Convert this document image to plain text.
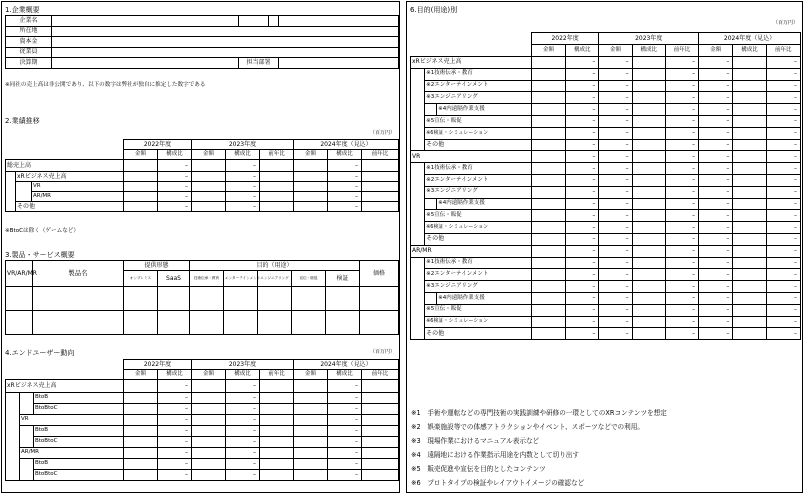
1.企業概要
企業名				
所在地				
資本金				
従業員				
決算期		担当部署		
※同社の売上高は非公開であり、以下の数字は弊社が独自に推定した数字である
2.業績推移
（百万円）
			2022年度		2023年度			2024年度（見込）		
			金額	構成比	金額	構成比	前年比	金額	構成比	前年比
総売上高				–		–			–	
	xRビジネス売上高			–		–			–	
		VR		–		–			–	
		AR/MR		–		–			–	
	その他			–		–			–	
※BtoCは除く（ゲームなど）
3.製品・サービス概要
VR/AR/MR	製品名	提供形態		目的（用途）					価格
		オンプレミス	SaaS	技術伝承・教育	エンターテインメント	エンジニアリング	宣伝・販促	検証	

4.エンドユーザー動向	（百万円）
			2022年度		2023年度			2024年度（見込）		
			金額	構成比	金額	構成比	前年比	金額	構成比	前年比
xRビジネス売上高				–		–			–	
		BtoB		–		–			–	
		BtoBtoC		–		–			–	
	VR			–		–			–	
		BtoB		–		–			–	
		BtoBtoC		–		–			–	
	AR/MR			–		–			–	
		BtoB		–		–			–	
		BtoBtoC		–		–			–	
6.目的(用途)別
（百万円）
				2022年度		2023年度			2024年度（見込）		
				金額	構成比	金額	構成比	前年比	金額	構成比	前年比
xRビジネス売上高					–	–		–	–		–
	※1技術伝承・教育				–	–		–	–		–
	※2エンターテインメント				–	–		–	–		–
	※3エンジニアリング				–	–		–	–		–
		※4内遠隔作業支援			–	–		–	–		–
	※5宣伝・販促				–	–		–	–		–
	※6検証・シミュレーション				–	–		–	–		–
	その他				–	–		–	–		–
VR					–	–		–	–		–
	※1技術伝承・教育				–	–		–	–		–
	※2エンターテインメント				–	–		–	–		–
	※3エンジニアリング				–	–		–	–		–
		※4内遠隔作業支援			–	–		–	–		–
	※5宣伝・販促				–	–		–	–		–
	※6検証・シミュレーション				–	–		–	–		–
	その他				–	–		–	–		–
AR/MR					–	–		–	–		–
	※1技術伝承・教育				–	–		–	–		–
	※2エンターテインメント				–	–		–	–		–
	※3エンジニアリング				–	–		–	–		–
		※4内遠隔作業支援			–	–		–	–		–
	※5宣伝・販促				–	–		–	–		–
	※6検証・シミュレーション				–	–		–	–		–
	その他				–	–		–	–		–
※1　手術や運転などの専門技術の実践訓練や研修の一環としてのXRコンテンツを想定
※2　娯楽施設等での体感アトラクションやイベント、スポーツなどでの利用。
※3　現場作業におけるマニュアル表示など
※4　遠隔地における作業指示用途を内数として切り出す
※5　販売促進や宣伝を目的としたコンテンツ
※6　プロトタイプの検証やレイアウトイメージの確認など
